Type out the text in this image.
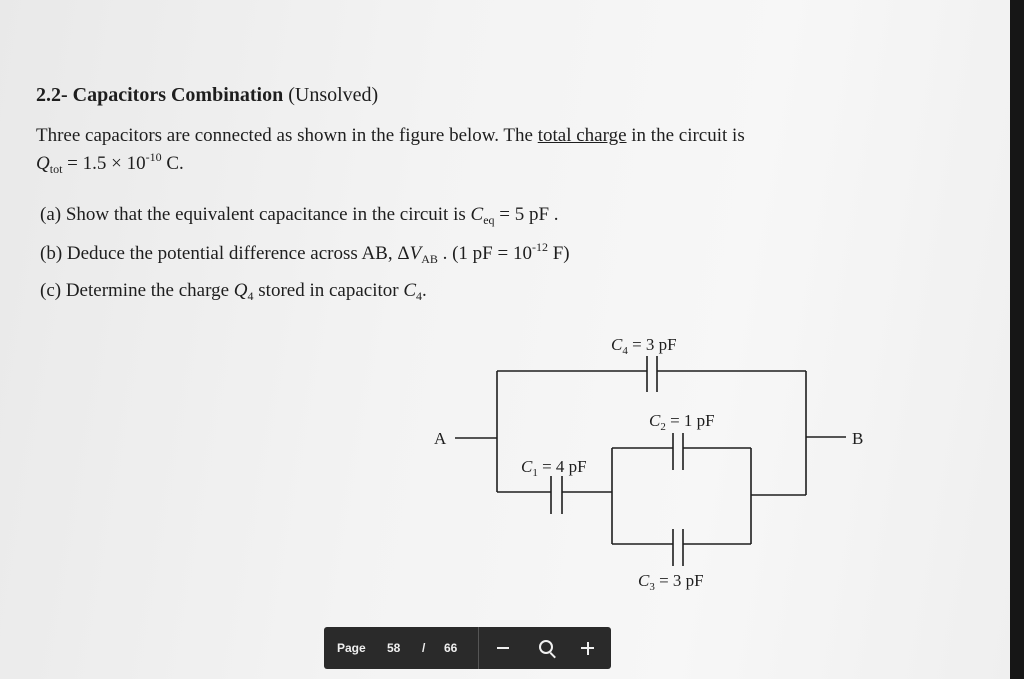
2.2- Capacitors Combination (Unsolved)

Three capacitors are connected as shown in the figure below. The total charge in the circuit is

$Q_{tot} = 1.5 \times 10^{-10}$ C.

(a) Show that the equivalent capacitance in the circuit is $C_{eq} = 5$ pF .

(b) Deduce the potential difference across AB, $\Delta V_{AB}$ . (1 pF = $10^{-12}$ F)

(c) Determine the charge $Q_4$ stored in capacitor $C_4$.

A	B
$C_4 = 3$ pF
$C_2 = 1$ pF
$C_1 = 4$ pF
$C_3 = 3$ pF
Page 58 / 66
